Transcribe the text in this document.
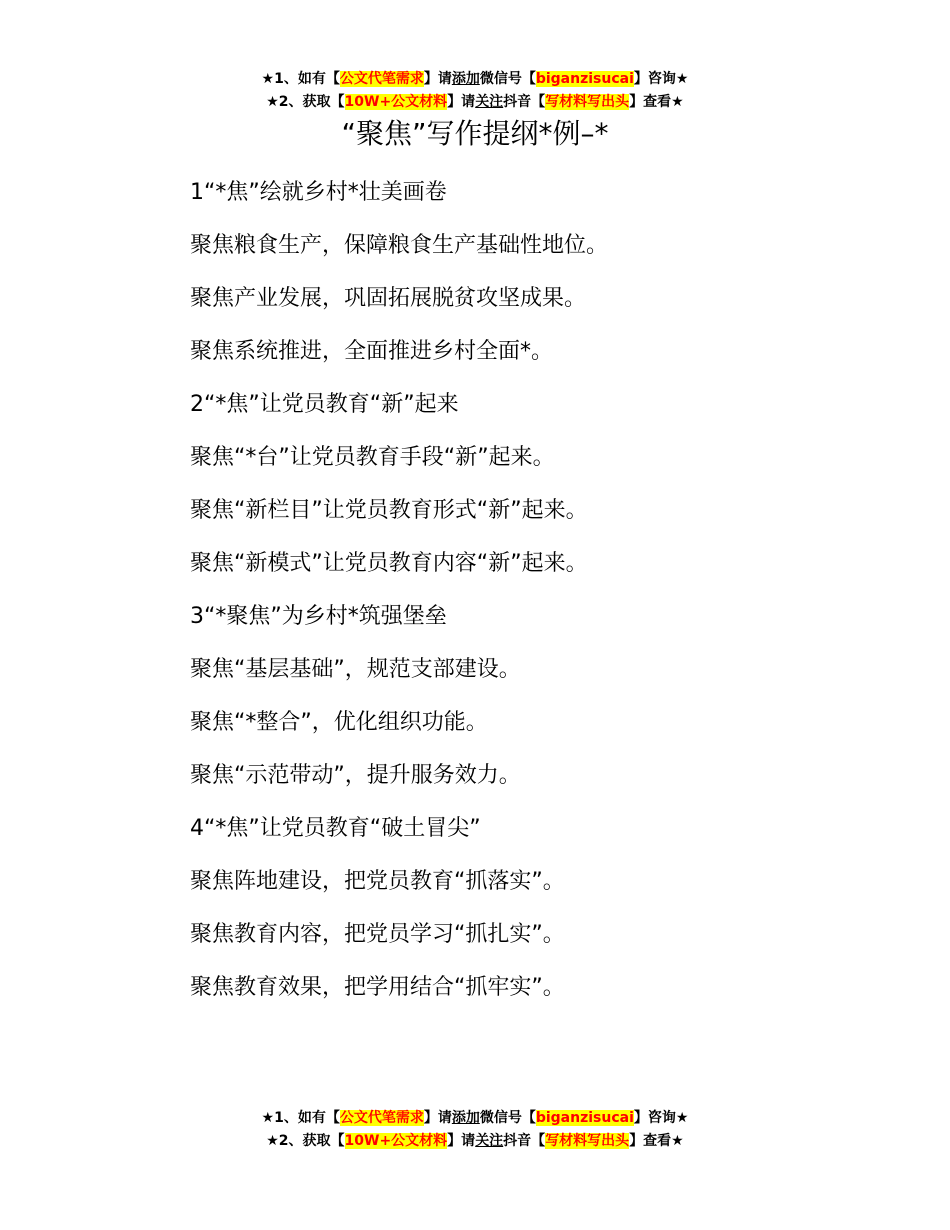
★1、如有【公文代笔需求】请添加微信号【biganzisucai】咨询★
★2、获取【10W+公文材料】请关注抖音【写材料写出头】查看★
“聚焦”写作提纲*例–*
1“*焦”绘就乡村*壮美画卷
聚焦粮食生产，保障粮食生产基础性地位。
聚焦产业发展，巩固拓展脱贫攻坚成果。
聚焦系统推进，全面推进乡村全面*。
2“*焦”让党员教育“新”起来
聚焦“*台”让党员教育手段“新”起来。
聚焦“新栏目”让党员教育形式“新”起来。
聚焦“新模式”让党员教育内容“新”起来。
3“*聚焦”为乡村*筑强堡垒
聚焦“基层基础”，规范支部建设。
聚焦“*整合”，优化组织功能。
聚焦“示范带动”，提升服务效力。
4“*焦”让党员教育“破土冒尖”
聚焦阵地建设，把党员教育“抓落实”。
聚焦教育内容，把党员学习“抓扎实”。
聚焦教育效果，把学用结合“抓牢实”。
★1、如有【公文代笔需求】请添加微信号【biganzisucai】咨询★
★2、获取【10W+公文材料】请关注抖音【写材料写出头】查看★
